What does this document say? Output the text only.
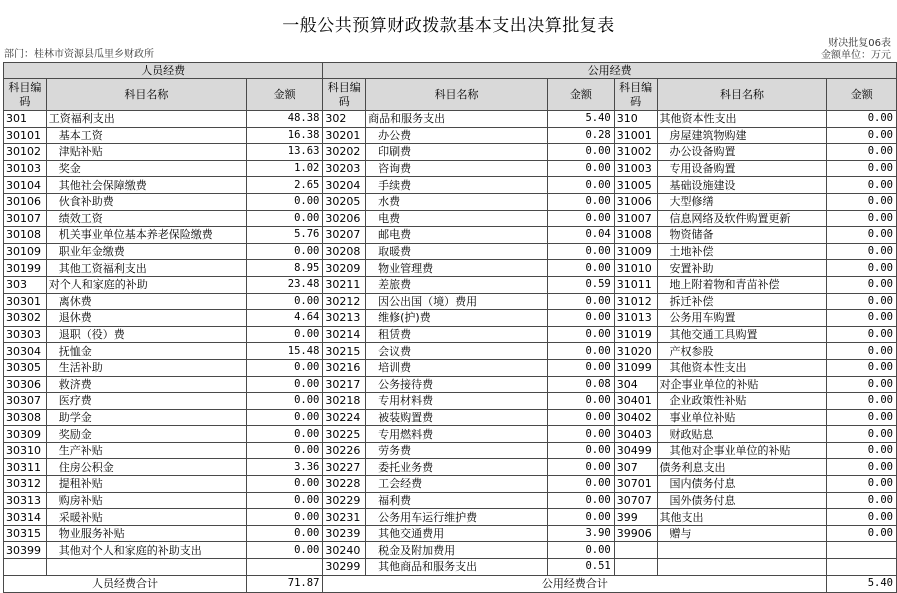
一般公共预算财政拨款基本支出决算批复表
部门：桂林市资源县瓜里乡财政所
财决批复06表
金额单位：万元
人员经费			公用经费					
科目编码	科目名称	金额	科目编码	科目名称	金额	科目编码	科目名称	金额
301	工资福利支出	48.38	302	商品和服务支出	5.40	310	其他资本性支出	0.00
30101	基本工资	16.38	30201	办公费	0.28	31001	房屋建筑物购建	0.00
30102	津贴补贴	13.63	30202	印刷费	0.00	31002	办公设备购置	0.00
30103	奖金	1.02	30203	咨询费	0.00	31003	专用设备购置	0.00
30104	其他社会保障缴费	2.65	30204	手续费	0.00	31005	基础设施建设	0.00
30106	伙食补助费	0.00	30205	水费	0.00	31006	大型修缮	0.00
30107	绩效工资	0.00	30206	电费	0.00	31007	信息网络及软件购置更新	0.00
30108	机关事业单位基本养老保险缴费	5.76	30207	邮电费	0.04	31008	物资储备	0.00
30109	职业年金缴费	0.00	30208	取暖费	0.00	31009	土地补偿	0.00
30199	其他工资福利支出	8.95	30209	物业管理费	0.00	31010	安置补助	0.00
303	对个人和家庭的补助	23.48	30211	差旅费	0.59	31011	地上附着物和青苗补偿	0.00
30301	离休费	0.00	30212	因公出国（境）费用	0.00	31012	拆迁补偿	0.00
30302	退休费	4.64	30213	维修(护)费	0.00	31013	公务用车购置	0.00
30303	退职（役）费	0.00	30214	租赁费	0.00	31019	其他交通工具购置	0.00
30304	抚恤金	15.48	30215	会议费	0.00	31020	产权参股	0.00
30305	生活补助	0.00	30216	培训费	0.00	31099	其他资本性支出	0.00
30306	救济费	0.00	30217	公务接待费	0.08	304	对企事业单位的补贴	0.00
30307	医疗费	0.00	30218	专用材料费	0.00	30401	企业政策性补贴	0.00
30308	助学金	0.00	30224	被装购置费	0.00	30402	事业单位补贴	0.00
30309	奖励金	0.00	30225	专用燃料费	0.00	30403	财政贴息	0.00
30310	生产补贴	0.00	30226	劳务费	0.00	30499	其他对企事业单位的补贴	0.00
30311	住房公积金	3.36	30227	委托业务费	0.00	307	债务利息支出	0.00
30312	提租补贴	0.00	30228	工会经费	0.00	30701	国内债务付息	0.00
30313	购房补贴	0.00	30229	福利费	0.00	30707	国外债务付息	0.00
30314	采暖补贴	0.00	30231	公务用车运行维护费	0.00	399	其他支出	0.00
30315	物业服务补贴	0.00	30239	其他交通费用	3.90	39906	赠与	0.00
30399	其他对个人和家庭的补助支出	0.00	30240	税金及附加费用	0.00			
			30299	其他商品和服务支出	0.51			
人员经费合计		71.87	公用经费合计					5.40
